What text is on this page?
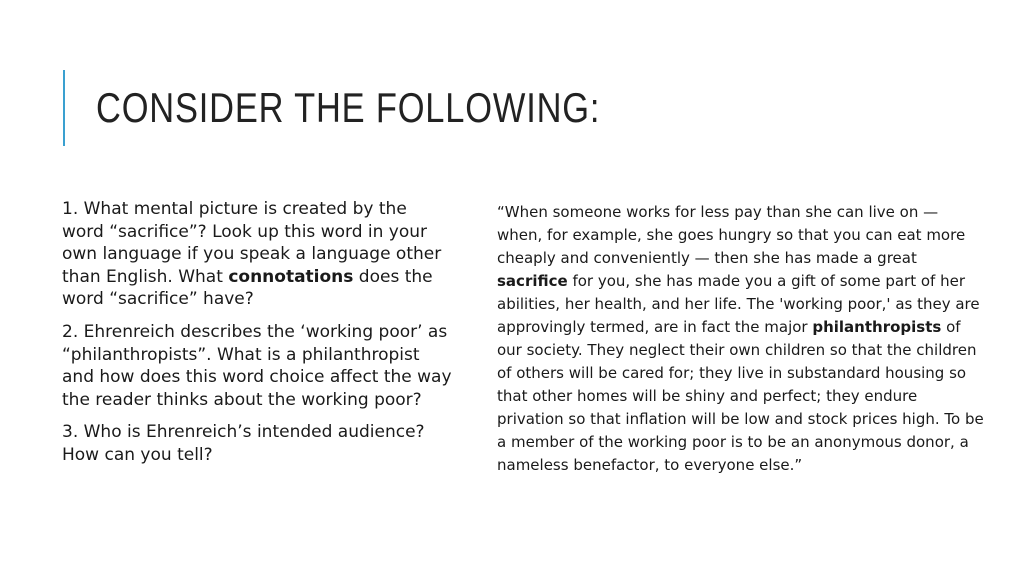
CONSIDER THE FOLLOWING:

1. What mental picture is created by the word “sacrifice”? Look up this word in your own language if you speak a language other than English. What connotations does the word “sacrifice” have?

2. Ehrenreich describes the ‘working poor’ as “philanthropists”. What is a philanthropist and how does this word choice affect the way the reader thinks about the working poor?

3. Who is Ehrenreich’s intended audience? How can you tell?

“When someone works for less pay than she can live on — when, for example, she goes hungry so that you can eat more cheaply and conveniently — then she has made a great sacrifice for you, she has made you a gift of some part of her abilities, her health, and her life. The 'working poor,' as they are approvingly termed, are in fact the major philanthropists of our society. They neglect their own children so that the children of others will be cared for; they live in substandard housing so that other homes will be shiny and perfect; they endure privation so that inflation will be low and stock prices high. To be a member of the working poor is to be an anonymous donor, a nameless benefactor, to everyone else.”
